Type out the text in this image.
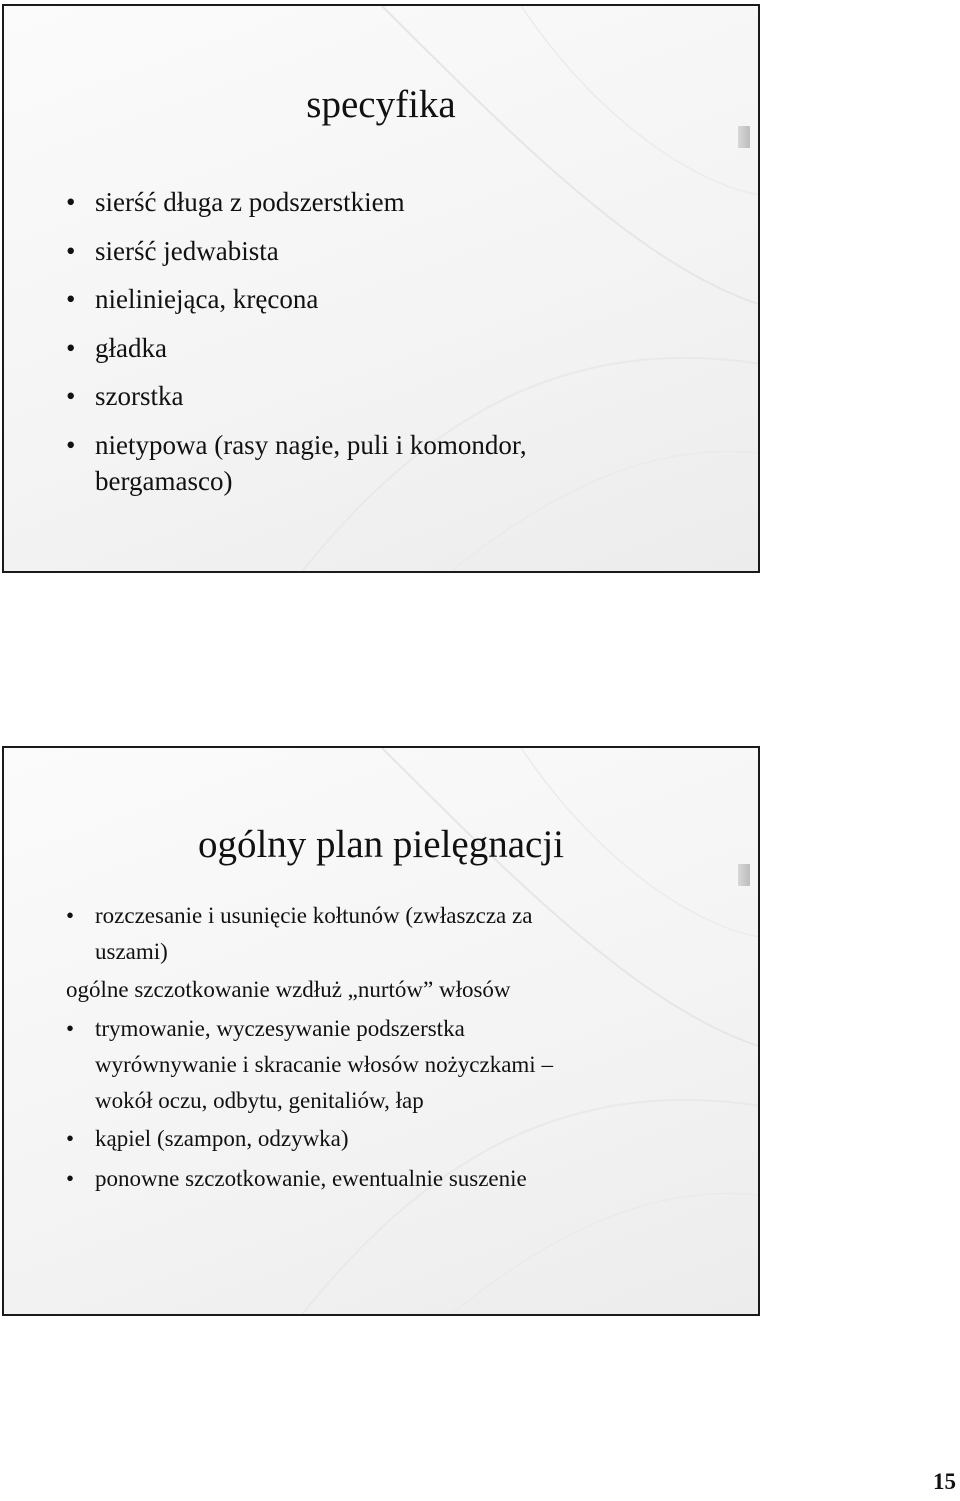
specyfika
• sierść długa z podszerstkiem
• sierść jedwabista
• nieliniejąca, kręcona
• gładka
• szorstka
• nietypowa (rasy nagie, puli i komondor,
bergamasco)
ogólny plan pielęgnacji
• rozczesanie i usunięcie kołtunów (zwłaszcza za
uszami)
ogólne szczotkowanie wzdłuż „nurtów” włosów
• trymowanie, wyczesywanie podszerstka
wyrównywanie i skracanie włosów nożyczkami –
wokół oczu, odbytu, genitaliów, łap
• kąpiel (szampon, odzywka)
• ponowne szczotkowanie, ewentualnie suszenie
15
